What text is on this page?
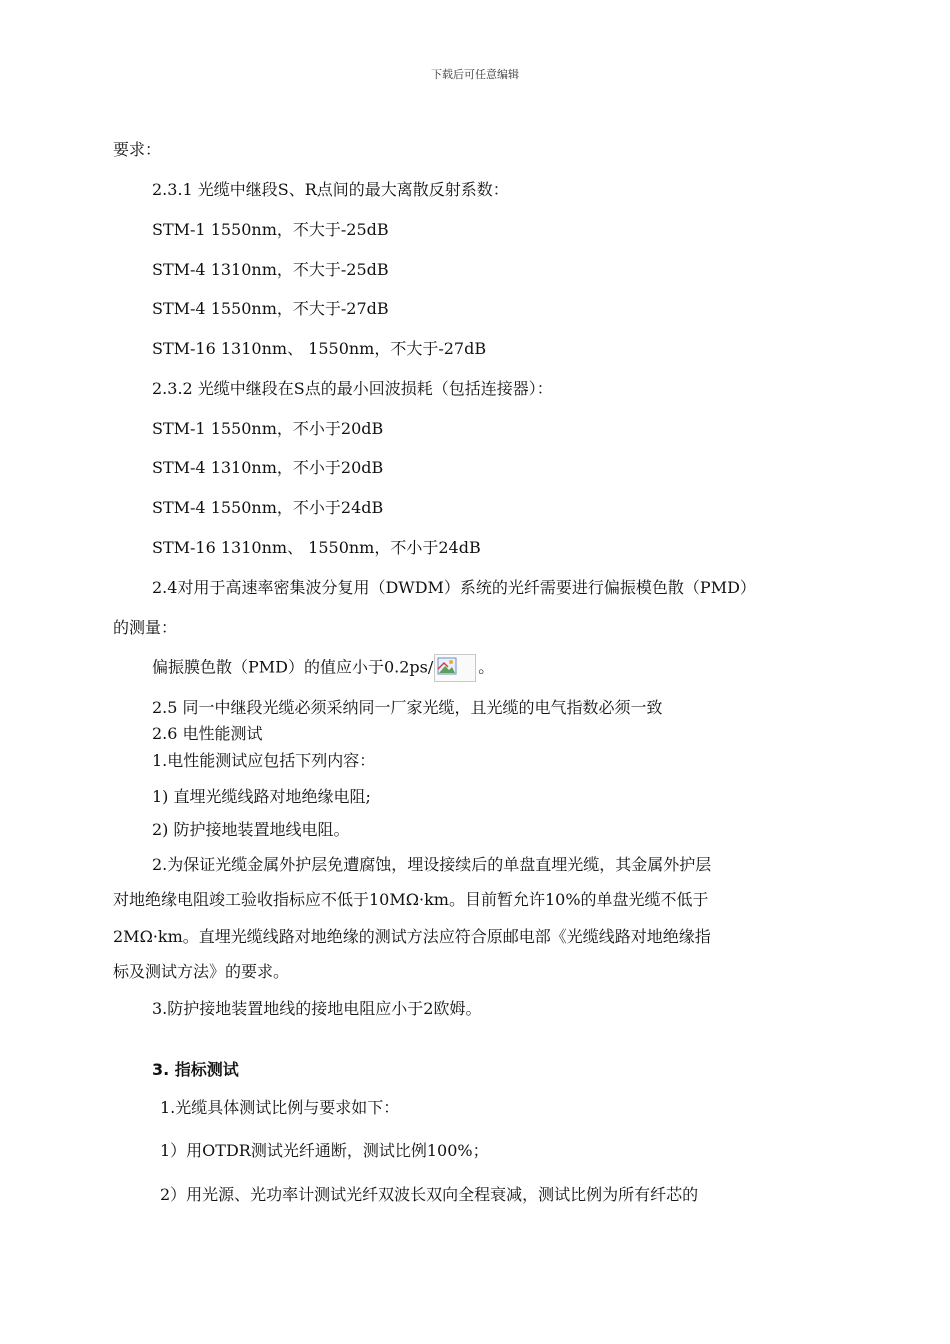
下载后可任意编辑
要求：
2.3.1 光缆中继段S、R点间的最大离散反射系数：
STM-1 1550nm，不大于-25dB
STM-4 1310nm，不大于-25dB
STM-4 1550nm，不大于-27dB
STM-16 1310nm、 1550nm，不大于-27dB
2.3.2 光缆中继段在S点的最小回波损耗（包括连接器）：
STM-1 1550nm，不小于20dB
STM-4 1310nm，不小于20dB
STM-4 1550nm，不小于24dB
STM-16 1310nm、 1550nm，不小于24dB
2.4对用于高速率密集波分复用（DWDM）系统的光纤需要进行偏振模色散（PMD）
的测量：
偏振膜色散（PMD）的值应小于0.2ps/	。
2.5 同一中继段光缆必须采纳同一厂家光缆，且光缆的电气指数必须一致
2.6 电性能测试
1.电性能测试应包括下列内容：
1) 直埋光缆线路对地绝缘电阻;
2) 防护接地装置地线电阻。
2.为保证光缆金属外护层免遭腐蚀，埋设接续后的单盘直埋光缆，其金属外护层
对地绝缘电阻竣工验收指标应不低于10MΩ·km。目前暂允许10%的单盘光缆不低于
2MΩ·km。直埋光缆线路对地绝缘的测试方法应符合原邮电部《光缆线路对地绝缘指
标及测试方法》的要求。
3.防护接地装置地线的接地电阻应小于2欧姆。
3. 指标测试
1.光缆具体测试比例与要求如下：
1）用OTDR测试光纤通断，测试比例100%；
2）用光源、光功率计测试光纤双波长双向全程衰减，测试比例为所有纤芯的
